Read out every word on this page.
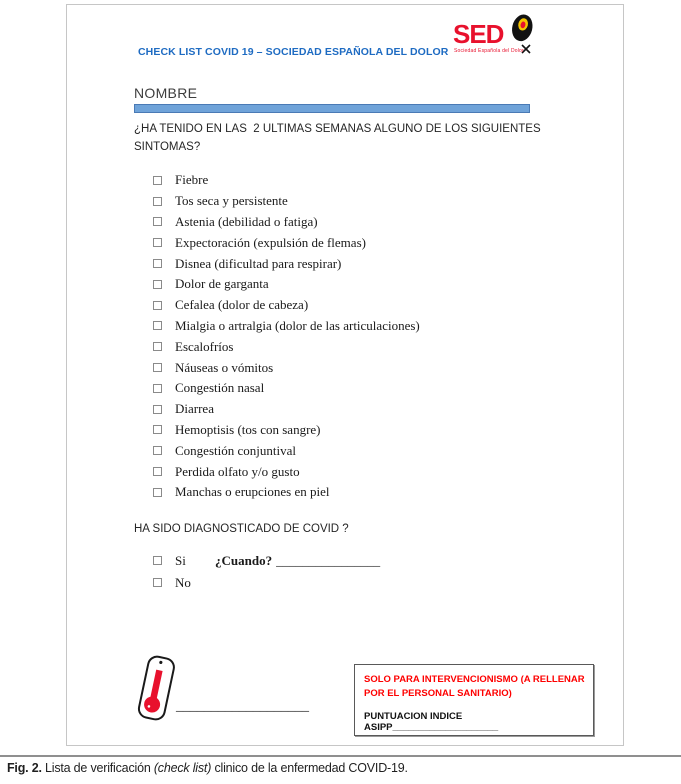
CHECK LIST COVID 19 – SOCIEDAD ESPAÑOLA DEL DOLOR
SED
Sociedad Española del Dolor
NOMBRE
¿HA TENIDO EN LAS  2 ULTIMAS SEMANAS ALGUNO DE LOS SIGUIENTES SINTOMAS?
Fiebre
Tos seca y persistente
Astenia (debilidad o fatiga)
Expectoración (expulsión de flemas)
Disnea (dificultad para respirar)
Dolor de garganta
Cefalea (dolor de cabeza)
Mialgia o artralgia (dolor de las articulaciones)
Escalofríos
Náuseas o vómitos
Congestión nasal
Diarrea
Hemoptisis (tos con sangre)
Congestión conjuntival
Perdida olfato y/o gusto
Manchas o erupciones en piel
HA SIDO DIAGNOSTICADO DE COVID ?
Si	¿Cuando? ________________
No
___________________
SOLO PARA INTERVENCIONISMO (A RELLENAR POR EL PERSONAL SANITARIO)
PUNTUACION INDICE ASIPP____________________
Fig. 2. Lista de verificación (check list) clinico de la enfermedad COVID-19.
